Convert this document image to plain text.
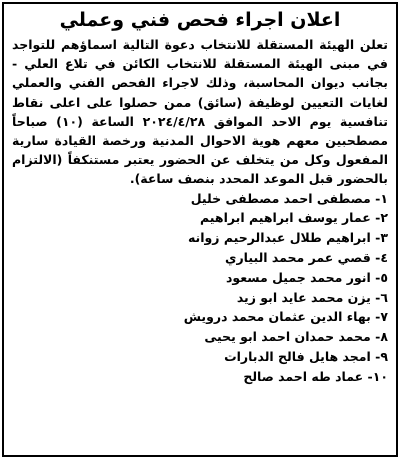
اعلان اجراء فحص فني وعملي

تعلن الهيئة المستقلة للانتخاب دعوة التالية اسماؤهم للتواجد في مبنى الهيئة المستقلة للانتخاب الكائن في تلاع العلي - بجانب ديوان المحاسبة، وذلك لاجراء الفحص الفني والعملي لغايات التعيين لوظيفة (سائق) ممن حصلوا على اعلى نقاط تنافسية يوم الاحد الموافق ٢٠٢٤/٤/٢٨ الساعة (١٠) صباحاً مصطحبين معهم هوية الاحوال المدنية ورخصة القيادة سارية المفعول وكل من يتخلف عن الحضور يعتبر مستنكفاً (الالتزام بالحضور قبل الموعد المحدد بنصف ساعة).

١- مصطفى احمد مصطفى خليل
٢- عمار يوسف ابراهيم ابراهيم
٣- ابراهيم طلال عبدالرحيم زوانه
٤- قصي عمر محمد البياري
٥- انور محمد جميل مسعود
٦- يزن محمد عايد ابو زيد
٧- بهاء الدين عثمان محمد درويش
٨- محمد حمدان احمد ابو يحيى
٩- امجد هايل فالح الدبارات
١٠- عماد طه احمد صالح
